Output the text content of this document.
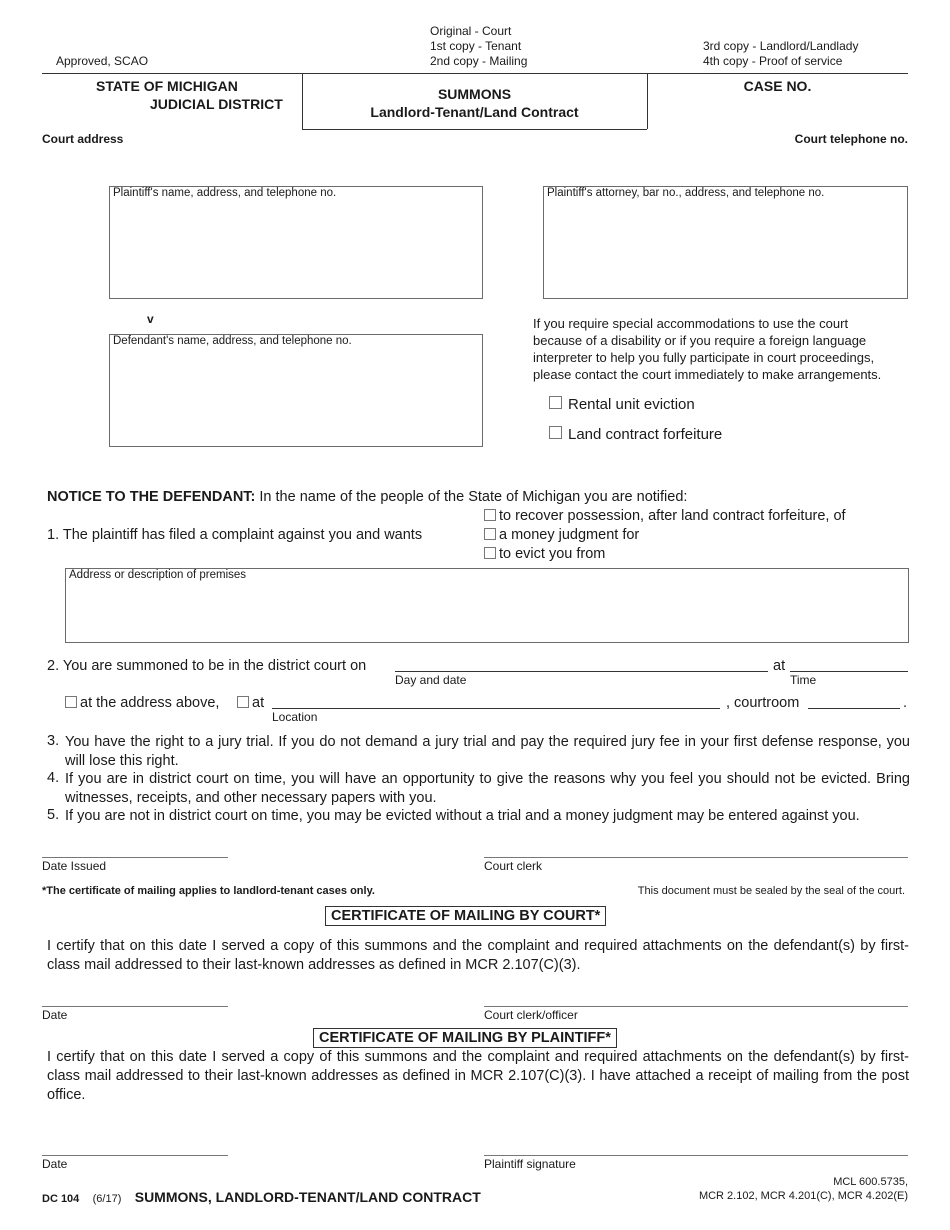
Approved, SCAO
Original - Court
1st copy - Tenant
2nd copy - Mailing
3rd copy - Landlord/Landlady
4th copy - Proof of service
STATE OF MICHIGAN
JUDICIAL DISTRICT
SUMMONS
Landlord-Tenant/Land Contract
CASE NO.
Court address	Court telephone no.
Plaintiff's name, address, and telephone no.	Plaintiff's attorney, bar no., address, and telephone no.
v
Defendant's name, address, and telephone no.
If you require special accommodations to use the court
because of a disability or if you require a foreign language
interpreter to help you fully participate in court proceedings,
please contact the court immediately to make arrangements.
Rental unit eviction
Land contract forfeiture
NOTICE TO THE DEFENDANT: In the name of the people of the State of Michigan you are notified:
1. The plaintiff has filed a complaint against you and wants
to recover possession, after land contract forfeiture, of
a money judgment for
to evict you from
Address or description of premises
2. You are summoned to be in the district court on
Day and date
at
Time
at the address above,	at
Location
, courtroom	.
3. You have the right to a jury trial. If you do not demand a jury trial and pay the required jury fee in your first defense response, you will lose this right.
4. If you are in district court on time, you will have an opportunity to give the reasons why you feel you should not be evicted. Bring witnesses, receipts, and other necessary papers with you.
5. If you are not in district court on time, you may be evicted without a trial and a money judgment may be entered against you.
Date Issued	Court clerk
*The certificate of mailing applies to landlord-tenant cases only.	This document must be sealed by the seal of the court.
CERTIFICATE OF MAILING BY COURT*
I certify that on this date I served a copy of this summons and the complaint and required attachments on the defendant(s) by first-class mail addressed to their last-known addresses as defined in MCR 2.107(C)(3).
Date	Court clerk/officer
CERTIFICATE OF MAILING BY PLAINTIFF*
I certify that on this date I served a copy of this summons and the complaint and required attachments on the defendant(s) by first-class mail addressed to their last-known addresses as defined in MCR 2.107(C)(3). I have attached a receipt of mailing from the post office.
Date	Plaintiff signature
DC 104 (6/17) SUMMONS, LANDLORD-TENANT/LAND CONTRACT
MCL 600.5735,
MCR 2.102, MCR 4.201(C), MCR 4.202(E)
